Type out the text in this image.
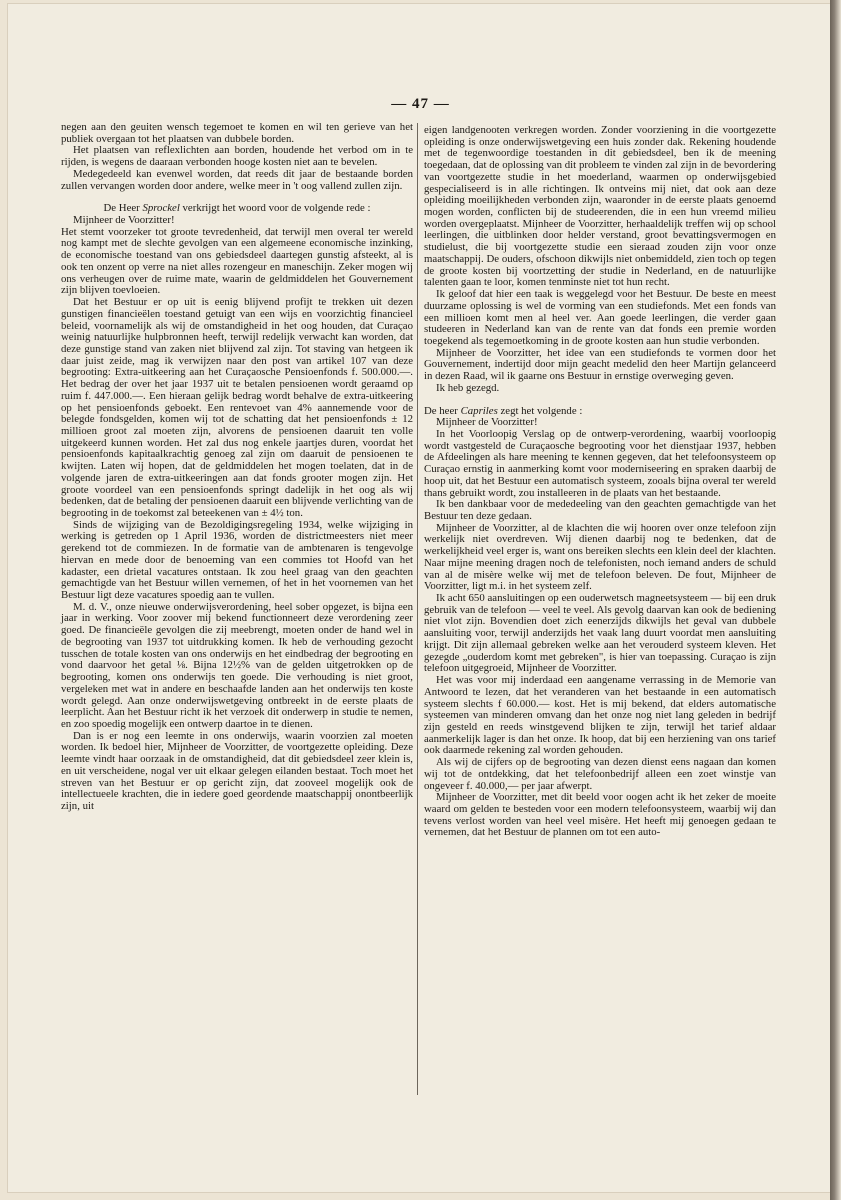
— 47 —

negen aan den geuiten wensch tegemoet te komen en wil ten gerieve van het publiek overgaan tot het plaatsen van dubbele borden.

Het plaatsen van reflexlichten aan borden, houdende het verbod om in te rijden, is wegens de daaraan verbonden hooge kosten niet aan te bevelen.

Medegedeeld kan evenwel worden, dat reeds dit jaar de bestaande borden zullen vervangen worden door andere, welke meer in 't oog vallend zullen zijn.

De Heer Sprockel verkrijgt het woord voor de volgende rede :

Mijnheer de Voorzitter!

Het stemt voorzeker tot groote tevredenheid, dat terwijl men overal ter wereld nog kampt met de slechte gevolgen van een algemeene economische inzinking, de economische toestand van ons gebiedsdeel daartegen gunstig afsteekt, al is ook ten onzent op verre na niet alles rozengeur en maneschijn. Zeker mogen wij ons verheugen over de ruime mate, waarin de geldmiddelen het Gouvernement zijn blijven toevloeien.

Dat het Bestuur er op uit is eenig blijvend profijt te trekken uit dezen gunstigen financieëlen toestand getuigt van een wijs en voorzichtig financieel beleid, voornamelijk als wij de omstandigheid in het oog houden, dat Curaçao weinig natuurlijke hulpbronnen heeft, terwijl redelijk verwacht kan worden, dat deze gunstige stand van zaken niet blijvend zal zijn. Tot staving van hetgeen ik daar juist zeide, mag ik verwijzen naar den post van artikel 107 van deze begrooting: Extra-uitkeering aan het Curaçaosche Pensioenfonds f. 500.000.—. Het bedrag der over het jaar 1937 uit te betalen pensioenen wordt geraamd op ruim f. 447.000.—. Een hieraan gelijk bedrag wordt behalve de extra-uitkeering op het pensioenfonds geboekt. Een rentevoet van 4% aannemende voor de belegde fondsgelden, komen wij tot de schatting dat het pensioenfonds ± 12 millioen groot zal moeten zijn, alvorens de pensioenen daaruit ten volle uitgekeerd kunnen worden. Het zal dus nog enkele jaartjes duren, voordat het pensioenfonds kapitaalkrachtig genoeg zal zijn om daaruit de pensioenen te kwijten. Laten wij hopen, dat de geldmiddelen het mogen toelaten, dat in de volgende jaren de extra-uitkeeringen aan dat fonds grooter mogen zijn. Het groote voordeel van een pensioenfonds springt dadelijk in het oog als wij bedenken, dat de betaling der pensioenen daaruit een blijvende verlichting van de begrooting in de toekomst zal beteekenen van ± 4½ ton.

Sinds de wijziging van de Bezoldigingsregeling 1934, welke wijziging in werking is getreden op 1 April 1936, worden de districtmeesters niet meer gerekend tot de commiezen. In de formatie van de ambtenaren is tengevolge hiervan en mede door de benoeming van een commies tot Hoofd van het kadaster, een drietal vacatures ontstaan. Ik zou heel graag van den geachten gemachtigde van het Bestuur willen vernemen, of het in het voornemen van het Bestuur ligt deze vacatures spoedig aan te vullen.

M. d. V., onze nieuwe onderwijsverordening, heel sober opgezet, is bijna een jaar in werking. Voor zoover mij bekend functionneert deze verordening zeer goed. De financieële gevolgen die zij meebrengt, moeten onder de hand wel in de begrooting van 1937 tot uitdrukking komen. Ik heb de verhouding gezocht tusschen de totale kosten van ons onderwijs en het eindbedrag der begrooting en vond daarvoor het getal ⅛. Bijna 12½% van de gelden uitgetrokken op de begrooting, komen ons onderwijs ten goede. Die verhouding is niet groot, vergeleken met wat in andere en beschaafde landen aan het onderwijs ten koste wordt gelegd. Aan onze onderwijswetgeving ontbreekt in de eerste plaats de leerplicht. Aan het Bestuur richt ik het verzoek dit onderwerp in studie te nemen, en zoo spoedig mogelijk een ontwerp daartoe in te dienen.

Dan is er nog een leemte in ons onderwijs, waarin voorzien zal moeten worden. Ik bedoel hier, Mijnheer de Voorzitter, de voortgezette opleiding. Deze leemte vindt haar oorzaak in de omstandigheid, dat dit gebiedsdeel zeer klein is, en uit verscheidene, nogal ver uit elkaar gelegen eilanden bestaat. Toch moet het streven van het Bestuur er op gericht zijn, dat zooveel mogelijk ook de intellectueele krachten, die in iedere goed geordende maatschappij onontbeerlijk zijn, uit

eigen landgenooten verkregen worden. Zonder voorziening in die voortgezette opleiding is onze onderwijswetgeving een huis zonder dak. Rekening houdende met de tegenwoordige toestanden in dit gebiedsdeel, ben ik de meening toegedaan, dat de oplossing van dit probleem te vinden zal zijn in de bevordering van voortgezette studie in het moederland, waarmen op onderwijsgebied gespecialiseerd is in alle richtingen. Ik ontveins mij niet, dat ook aan deze opleiding moeilijkheden verbonden zijn, waaronder in de eerste plaats genoemd mogen worden, conflicten bij de studeerenden, die in een hun vreemd milieu worden overgeplaatst. Mijnheer de Voorzitter, herhaaldelijk treffen wij op school leerlingen, die uitblinken door helder verstand, groot bevattingsvermogen en studielust, die bij voortgezette studie een sieraad zouden zijn voor onze maatschappij. De ouders, ofschoon dikwijls niet onbemiddeld, zien toch op tegen de groote kosten bij voortzetting der studie in Nederland, en de natuurlijke talenten gaan te loor, komen tenminste niet tot hun recht.

Ik geloof dat hier een taak is weggelegd voor het Bestuur. De beste en meest duurzame oplossing is wel de vorming van een studiefonds. Met een fonds van een millioen komt men al heel ver. Aan goede leerlingen, die verder gaan studeeren in Nederland kan van de rente van dat fonds een premie worden toegekend als tegemoetkoming in de groote kosten aan hun studie verbonden.

Mijnheer de Voorzitter, het idee van een studiefonds te vormen door het Gouvernement, indertijd door mijn geacht medelid den heer Martijn gelanceerd in dezen Raad, wil ik gaarne ons Bestuur in ernstige overweging geven.

Ik heb gezegd.

De heer Capriles zegt het volgende :

Mijnheer de Voorzitter!

In het Voorloopig Verslag op de ontwerp-verordening, waarbij voorloopig wordt vastgesteld de Curaçaosche begrooting voor het dienstjaar 1937, hebben de Afdeelingen als hare meening te kennen gegeven, dat het telefoonsysteem op Curaçao ernstig in aanmerking komt voor moderniseering en spraken daarbij de hoop uit, dat het Bestuur een automatisch systeem, zooals bijna overal ter wereld thans gebruikt wordt, zou installeeren in de plaats van het bestaande.

Ik ben dankbaar voor de mededeeling van den geachten gemachtigde van het Bestuur ten deze gedaan.

Mijnheer de Voorzitter, al de klachten die wij hooren over onze telefoon zijn werkelijk niet overdreven. Wij dienen daarbij nog te bedenken, dat de werkelijkheid veel erger is, want ons bereiken slechts een klein deel der klachten. Naar mijne meening dragen noch de telefonisten, noch iemand anders de schuld van al de misère welke wij met de telefoon beleven. De fout, Mijnheer de Voorzitter, ligt m.i. in het systeem zelf.

Ik acht 650 aansluitingen op een ouderwetsch magneetsysteem — bij een druk gebruik van de telefoon — veel te veel. Als gevolg daarvan kan ook de bediening niet vlot zijn. Bovendien doet zich eenerzijds dikwijls het geval van dubbele aansluiting voor, terwijl anderzijds het vaak lang duurt voordat men aansluiting krijgt. Dit zijn allemaal gebreken welke aan het verouderd systeem kleven. Het gezegde „ouderdom komt met gebreken", is hier van toepassing. Curaçao is zijn telefoon uitgegroeid, Mijnheer de Voorzitter.

Het was voor mij inderdaad een aangename verrassing in de Memorie van Antwoord te lezen, dat het veranderen van het bestaande in een automatisch systeem slechts f 60.000.— kost. Het is mij bekend, dat elders automatische systeemen van minderen omvang dan het onze nog niet lang geleden in bedrijf zijn gesteld en reeds winstgevend blijken te zijn, terwijl het tarief aldaar aanmerkelijk lager is dan het onze. Ik hoop, dat bij een herziening van ons tarief ook daarmede rekening zal worden gehouden.

Als wij de cijfers op de begrooting van dezen dienst eens nagaan dan komen wij tot de ontdekking, dat het telefoonbedrijf alleen een zoet winstje van ongeveer f. 40.000,— per jaar afwerpt.

Mijnheer de Voorzitter, met dit beeld voor oogen acht ik het zeker de moeite waard om gelden te besteden voor een modern telefoonsysteem, waarbij wij dan tevens verlost worden van heel veel misère. Het heeft mij genoegen gedaan te vernemen, dat het Bestuur de plannen om tot een auto-
